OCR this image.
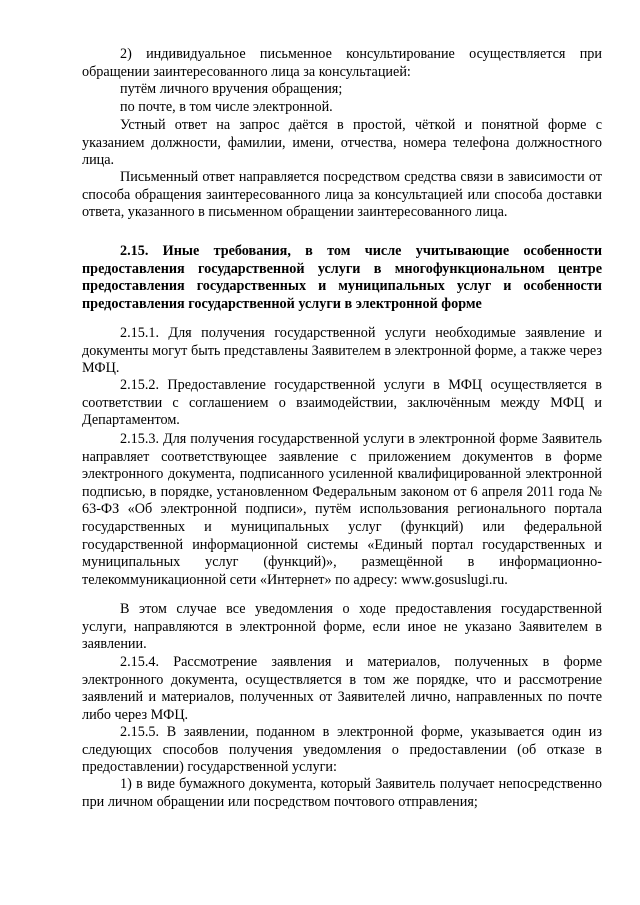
2) индивидуальное письменное консультирование осуществляется при обращении заинтересованного лица за консультацией:

путём личного вручения обращения;

по почте, в том числе электронной.

Устный ответ на запрос даётся в простой, чёткой и понятной форме с указанием должности, фамилии, имени, отчества, номера телефона должностного лица.

Письменный ответ направляется посредством средства связи в зависимости от способа обращения заинтересованного лица за консультацией или способа доставки ответа, указанного в письменном обращении заинтересованного лица.

2.15. Иные требования, в том числе учитывающие особенности предоставления государственной услуги в многофункциональном центре предоставления государственных и муниципальных услуг и особенности предоставления государственной услуги в электронной форме

2.15.1. Для получения государственной услуги необходимые заявление и документы могут быть представлены Заявителем в электронной форме, а также через МФЦ.

2.15.2. Предоставление государственной услуги в МФЦ осуществляется в соответствии с соглашением о взаимодействии, заключённым между МФЦ и Департаментом.

2.15.3. Для получения государственной услуги в электронной форме Заявитель направляет соответствующее заявление с приложением документов в форме электронного документа, подписанного усиленной квалифицированной электронной подписью, в порядке, установленном Федеральным законом от 6 апреля 2011 года № 63-ФЗ «Об электронной подписи», путём использования регионального портала государственных и муниципальных услуг (функций) или федеральной государственной информационной системы «Единый портал государственных и муниципальных услуг (функций)», размещённой в информационно-телекоммуникационной сети «Интернет» по адресу: www.gosuslugi.ru.

В этом случае все уведомления о ходе предоставления государственной услуги, направляются в электронной форме, если иное не указано Заявителем в заявлении.

2.15.4. Рассмотрение заявления и материалов, полученных в форме электронного документа, осуществляется в том же порядке, что и рассмотрение заявлений и материалов, полученных от Заявителей лично, направленных по почте либо через МФЦ.

2.15.5. В заявлении, поданном в электронной форме, указывается один из следующих способов получения уведомления о предоставлении (об отказе в предоставлении) государственной услуги:

1) в виде бумажного документа, который Заявитель получает непосредственно при личном обращении или посредством почтового отправления;
